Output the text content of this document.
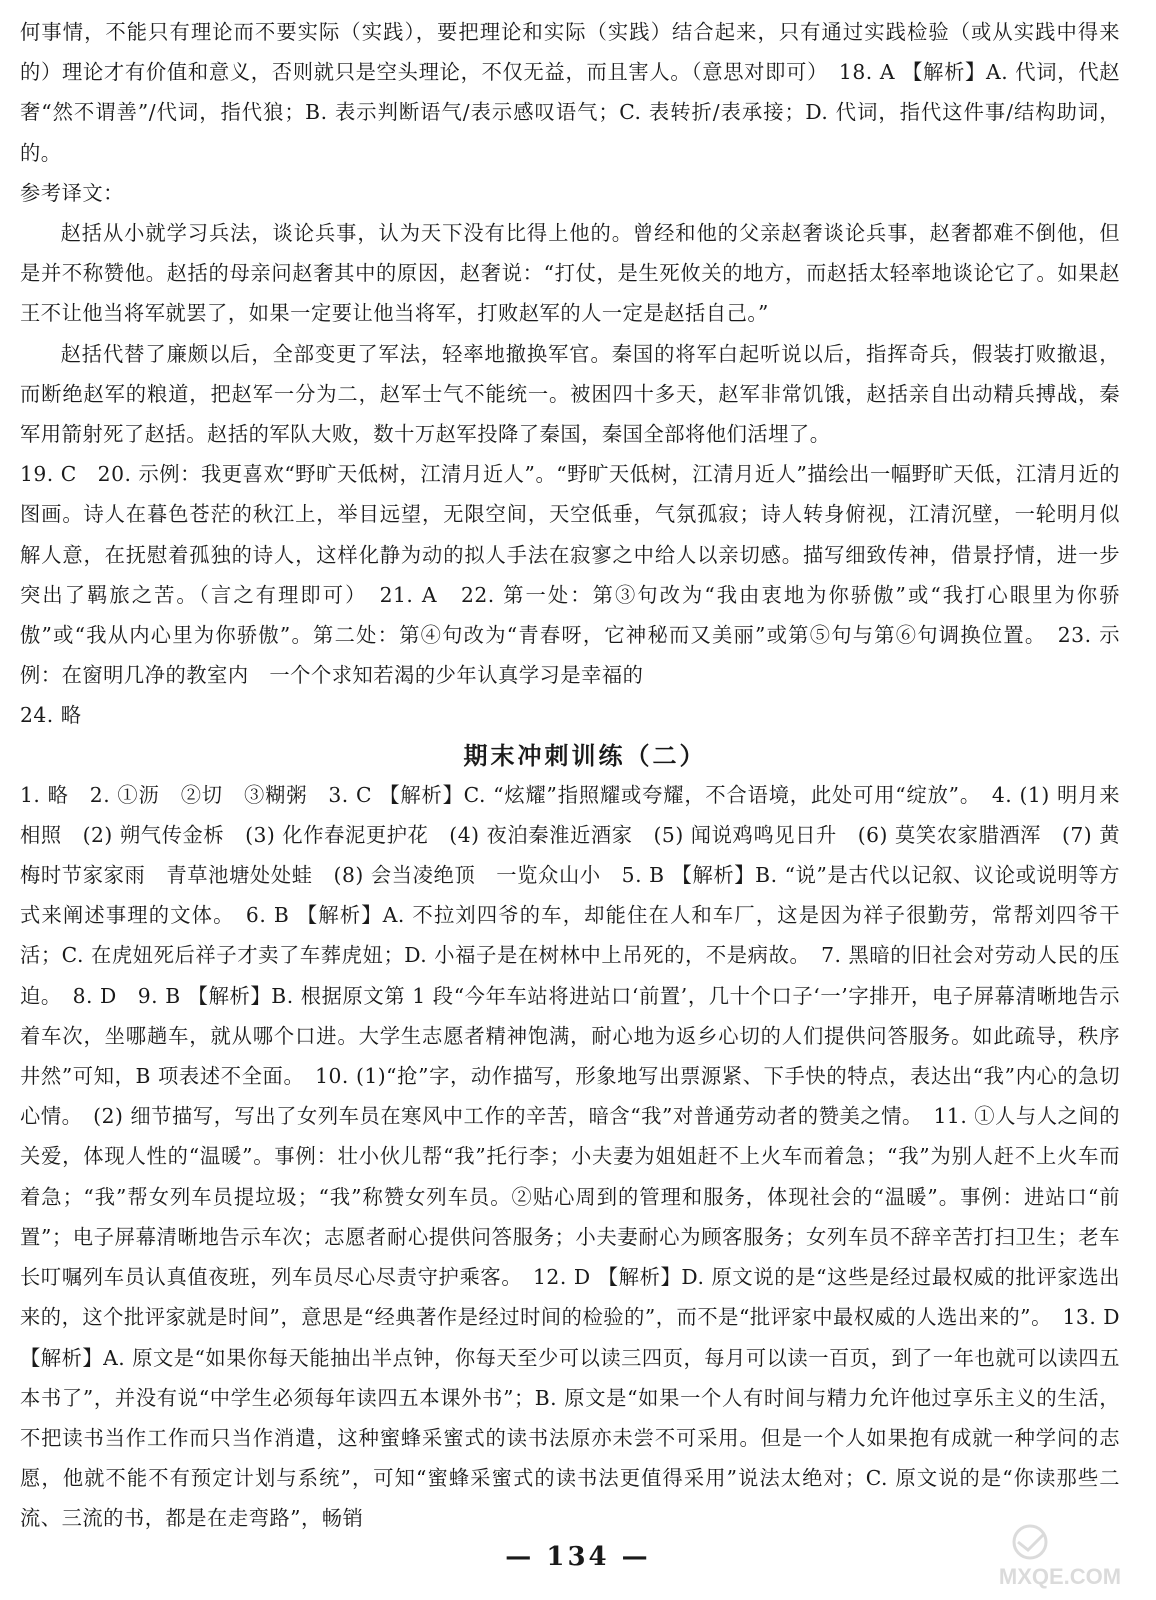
何事情，不能只有理论而不要实际（实践），要把理论和实际（实践）结合起来，只有通过实践检验（或从实践中得来的）理论才有价值和意义，否则就只是空头理论，不仅无益，而且害人。（意思对即可）　18. A 【解析】A. 代词，代赵奢“然不谓善”/代词，指代狼；B. 表示判断语气/表示感叹语气；C. 表转折/表承接；D. 代词，指代这件事/结构助词，的。

参考译文：

赵括从小就学习兵法，谈论兵事，认为天下没有比得上他的。曾经和他的父亲赵奢谈论兵事，赵奢都难不倒他，但是并不称赞他。赵括的母亲问赵奢其中的原因，赵奢说：“打仗，是生死攸关的地方，而赵括太轻率地谈论它了。如果赵王不让他当将军就罢了，如果一定要让他当将军，打败赵军的人一定是赵括自己。”

赵括代替了廉颇以后，全部变更了军法，轻率地撤换军官。秦国的将军白起听说以后，指挥奇兵，假装打败撤退，而断绝赵军的粮道，把赵军一分为二，赵军士气不能统一。被困四十多天，赵军非常饥饿，赵括亲自出动精兵搏战，秦军用箭射死了赵括。赵括的军队大败，数十万赵军投降了秦国，秦国全部将他们活埋了。

19. C　20. 示例：我更喜欢“野旷天低树，江清月近人”。“野旷天低树，江清月近人”描绘出一幅野旷天低，江清月近的图画。诗人在暮色苍茫的秋江上，举目远望，无限空间，天空低垂，气氛孤寂；诗人转身俯视，江清沉壁，一轮明月似解人意，在抚慰着孤独的诗人，这样化静为动的拟人手法在寂寥之中给人以亲切感。描写细致传神，借景抒情，进一步突出了羁旅之苦。（言之有理即可）　21. A　22. 第一处：第③句改为“我由衷地为你骄傲”或“我打心眼里为你骄傲”或“我从内心里为你骄傲”。第二处：第④句改为“青春呀，它神秘而又美丽”或第⑤句与第⑥句调换位置。　23. 示例：在窗明几净的教室内　一个个求知若渴的少年认真学习是幸福的

24. 略

期末冲刺训练（二）

1. 略　2. ①沥　②切　③糊粥　3. C 【解析】C. “炫耀”指照耀或夸耀，不合语境，此处可用“绽放”。　4. (1) 明月来相照　(2) 朔气传金柝　(3) 化作春泥更护花　(4) 夜泊秦淮近酒家　(5) 闻说鸡鸣见日升　(6) 莫笑农家腊酒浑　(7) 黄梅时节家家雨　青草池塘处处蛙　(8) 会当凌绝顶　一览众山小　5. B 【解析】B. “说”是古代以记叙、议论或说明等方式来阐述事理的文体。　6. B 【解析】A. 不拉刘四爷的车，却能住在人和车厂，这是因为祥子很勤劳，常帮刘四爷干活；C. 在虎妞死后祥子才卖了车葬虎妞；D. 小福子是在树林中上吊死的，不是病故。　7. 黑暗的旧社会对劳动人民的压迫。　8. D　9. B 【解析】B. 根据原文第 1 段“今年车站将进站口‘前置’，几十个口子‘一’字排开，电子屏幕清晰地告示着车次，坐哪趟车，就从哪个口进。大学生志愿者精神饱满，耐心地为返乡心切的人们提供问答服务。如此疏导，秩序井然”可知，B 项表述不全面。　10. (1)“抢”字，动作描写，形象地写出票源紧、下手快的特点，表达出“我”内心的急切心情。　(2) 细节描写，写出了女列车员在寒风中工作的辛苦，暗含“我”对普通劳动者的赞美之情。　11. ①人与人之间的关爱，体现人性的“温暖”。事例：壮小伙儿帮“我”托行李；小夫妻为姐姐赶不上火车而着急；“我”为别人赶不上火车而着急；“我”帮女列车员提垃圾；“我”称赞女列车员。②贴心周到的管理和服务，体现社会的“温暖”。事例：进站口“前置”；电子屏幕清晰地告示车次；志愿者耐心提供问答服务；小夫妻耐心为顾客服务；女列车员不辞辛苦打扫卫生；老车长叮嘱列车员认真值夜班，列车员尽心尽责守护乘客。　12. D 【解析】D. 原文说的是“这些是经过最权威的批评家选出来的，这个批评家就是时间”，意思是“经典著作是经过时间的检验的”，而不是“批评家中最权威的人选出来的”。　13. D 【解析】A. 原文是“如果你每天能抽出半点钟，你每天至少可以读三四页，每月可以读一百页，到了一年也就可以读四五本书了”，并没有说“中学生必须每年读四五本课外书”；B. 原文是“如果一个人有时间与精力允许他过享乐主义的生活，不把读书当作工作而只当作消遣，这种蜜蜂采蜜式的读书法原亦未尝不可采用。但是一个人如果抱有成就一种学问的志愿，他就不能不有预定计划与系统”，可知“蜜蜂采蜜式的读书法更值得采用”说法太绝对；C. 原文说的是“你读那些二流、三流的书，都是在走弯路”，畅销

— 134 —
MXQE.COM
